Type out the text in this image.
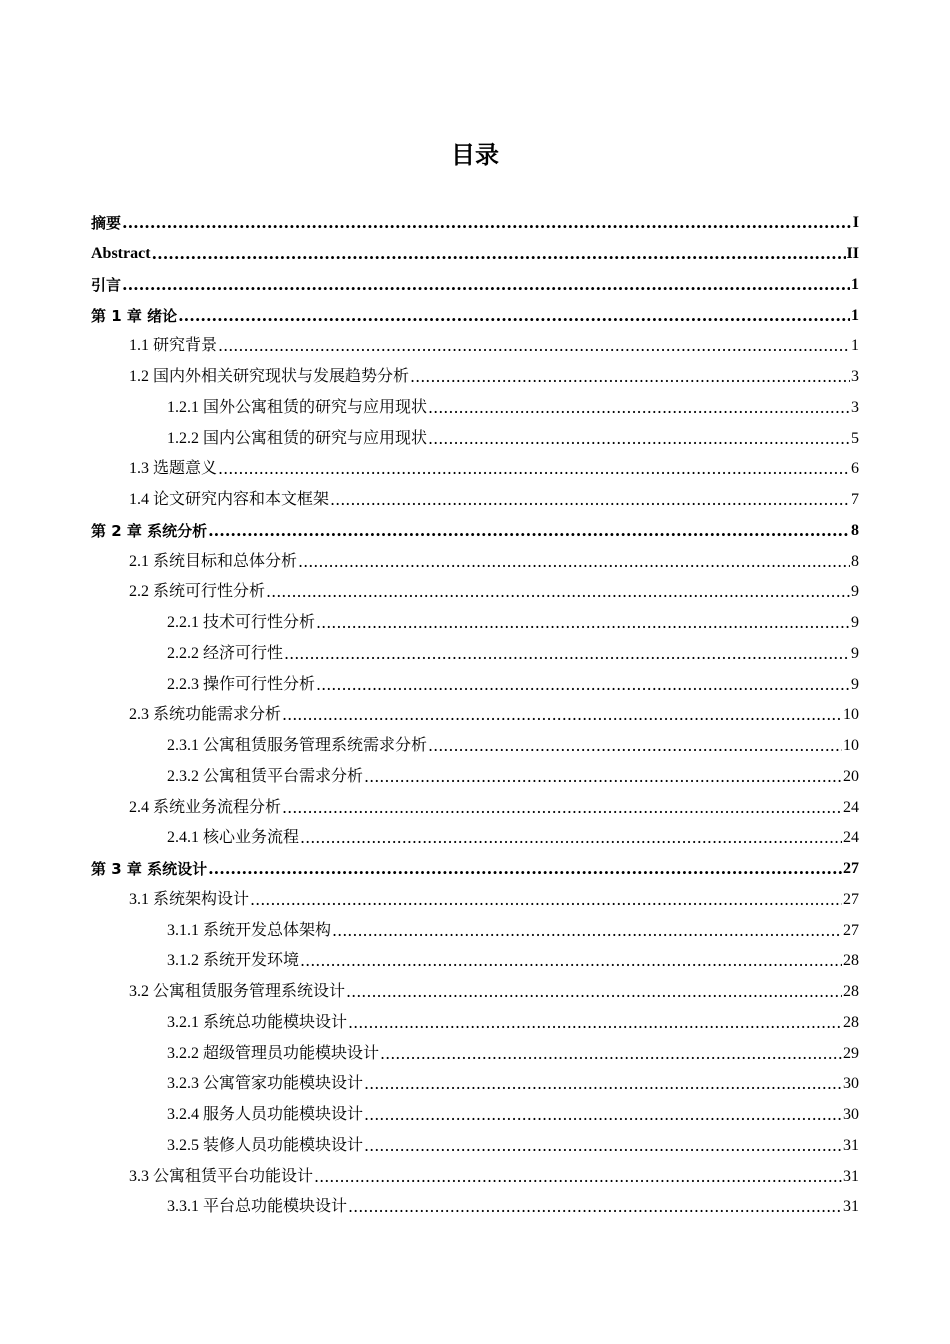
目录
摘要 .....	I
Abstract .....	II
引言 .....	1
第 1 章 绪论 .....	1
1.1 研究背景 .....	1
1.2 国内外相关研究现状与发展趋势分析 .....	3
1.2.1 国外公寓租赁的研究与应用现状 .....	3
1.2.2 国内公寓租赁的研究与应用现状 .....	5
1.3 选题意义 .....	6
1.4 论文研究内容和本文框架 .....	7
第 2 章 系统分析 .....	8
2.1 系统目标和总体分析 .....	8
2.2 系统可行性分析 .....	9
2.2.1 技术可行性分析 .....	9
2.2.2 经济可行性 .....	9
2.2.3 操作可行性分析 .....	9
2.3 系统功能需求分析 .....	10
2.3.1 公寓租赁服务管理系统需求分析 .....	10
2.3.2 公寓租赁平台需求分析 .....	20
2.4 系统业务流程分析 .....	24
2.4.1 核心业务流程 .....	24
第 3 章 系统设计 .....	27
3.1 系统架构设计 .....	27
3.1.1 系统开发总体架构 .....	27
3.1.2 系统开发环境 .....	28
3.2 公寓租赁服务管理系统设计 .....	28
3.2.1 系统总功能模块设计 .....	28
3.2.2 超级管理员功能模块设计 .....	29
3.2.3 公寓管家功能模块设计 .....	30
3.2.4 服务人员功能模块设计 .....	30
3.2.5 装修人员功能模块设计 .....	31
3.3 公寓租赁平台功能设计 .....	31
3.3.1 平台总功能模块设计 .....	31
